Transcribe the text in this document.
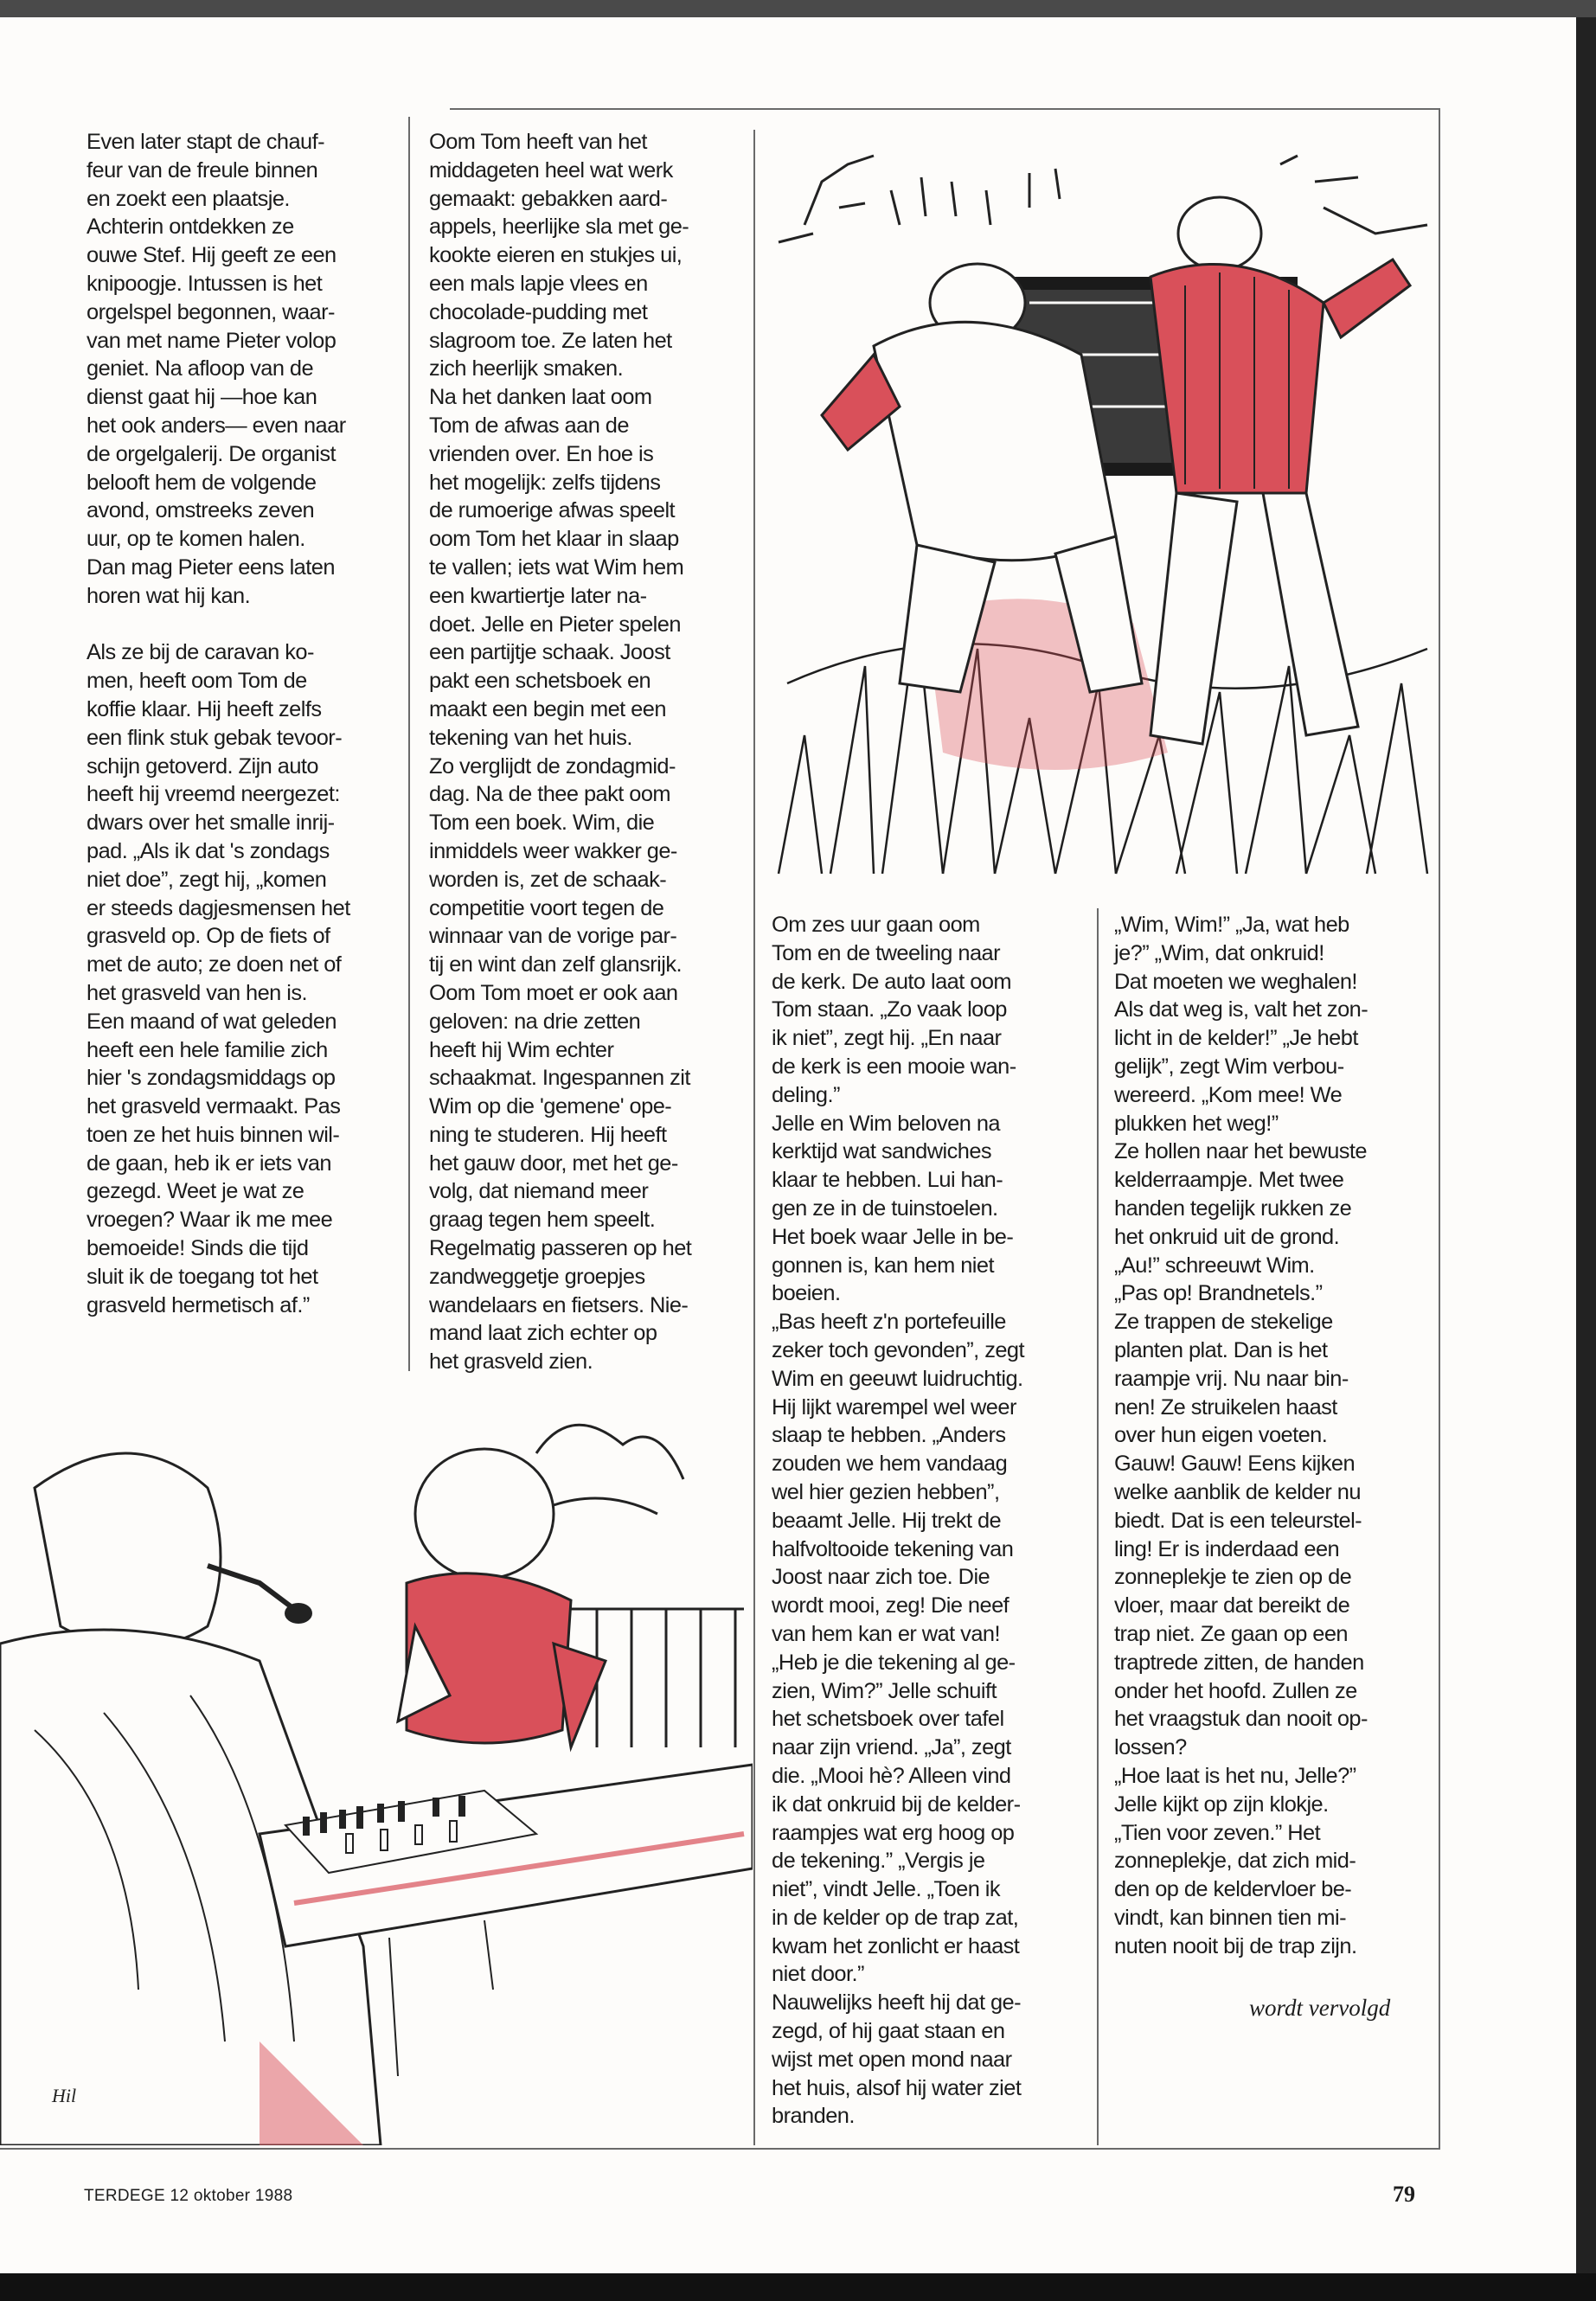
Even later stapt de chauf-
feur van de freule binnen
en zoekt een plaatsje.
Achterin ontdekken ze
ouwe Stef. Hij geeft ze een
knipoogje. Intussen is het
orgelspel begonnen, waar-
van met name Pieter volop
geniet. Na afloop van de
dienst gaat hij —hoe kan
het ook anders— even naar
de orgelgalerij. De organist
belooft hem de volgende
avond, omstreeks zeven
uur, op te komen halen.
Dan mag Pieter eens laten
horen wat hij kan.

Als ze bij de caravan ko-
men, heeft oom Tom de
koffie klaar. Hij heeft zelfs
een flink stuk gebak tevoor-
schijn getoverd. Zijn auto
heeft hij vreemd neergezet:
dwars over het smalle inrij-
pad. „Als ik dat 's zondags
niet doe”, zegt hij, „komen
er steeds dagjesmensen het
grasveld op. Op de fiets of
met de auto; ze doen net of
het grasveld van hen is.
Een maand of wat geleden
heeft een hele familie zich
hier 's zondagsmiddags op
het grasveld vermaakt. Pas
toen ze het huis binnen wil-
de gaan, heb ik er iets van
gezegd. Weet je wat ze
vroegen? Waar ik me mee
bemoeide! Sinds die tijd
sluit ik de toegang tot het
grasveld hermetisch af.”
Oom Tom heeft van het
middageten heel wat werk
gemaakt: gebakken aard-
appels, heerlijke sla met ge-
kookte eieren en stukjes ui,
een mals lapje vlees en
chocolade-pudding met
slagroom toe. Ze laten het
zich heerlijk smaken.
Na het danken laat oom
Tom de afwas aan de
vrienden over. En hoe is
het mogelijk: zelfs tijdens
de rumoerige afwas speelt
oom Tom het klaar in slaap
te vallen; iets wat Wim hem
een kwartiertje later na-
doet. Jelle en Pieter spelen
een partijtje schaak. Joost
pakt een schetsboek en
maakt een begin met een
tekening van het huis.
Zo verglijdt de zondagmid-
dag. Na de thee pakt oom
Tom een boek. Wim, die
inmiddels weer wakker ge-
worden is, zet de schaak-
competitie voort tegen de
winnaar van de vorige par-
tij en wint dan zelf glansrijk.
Oom Tom moet er ook aan
geloven: na drie zetten
heeft hij Wim echter
schaakmat. Ingespannen zit
Wim op die 'gemene' ope-
ning te studeren. Hij heeft
het gauw door, met het ge-
volg, dat niemand meer
graag tegen hem speelt.
Regelmatig passeren op het
zandweggetje groepjes
wandelaars en fietsers. Nie-
mand laat zich echter op
het grasveld zien.
Om zes uur gaan oom
Tom en de tweeling naar
de kerk. De auto laat oom
Tom staan. „Zo vaak loop
ik niet”, zegt hij. „En naar
de kerk is een mooie wan-
deling.”
Jelle en Wim beloven na
kerktijd wat sandwiches
klaar te hebben. Lui han-
gen ze in de tuinstoelen.
Het boek waar Jelle in be-
gonnen is, kan hem niet
boeien.
„Bas heeft z'n portefeuille
zeker toch gevonden”, zegt
Wim en geeuwt luidruchtig.
Hij lijkt warempel wel weer
slaap te hebben. „Anders
zouden we hem vandaag
wel hier gezien hebben”,
beaamt Jelle. Hij trekt de
halfvoltooide tekening van
Joost naar zich toe. Die
wordt mooi, zeg! Die neef
van hem kan er wat van!
„Heb je die tekening al ge-
zien, Wim?” Jelle schuift
het schetsboek over tafel
naar zijn vriend. „Ja”, zegt
die. „Mooi hè? Alleen vind
ik dat onkruid bij de kelder-
raampjes wat erg hoog op
de tekening.” „Vergis je
niet”, vindt Jelle. „Toen ik
in de kelder op de trap zat,
kwam het zonlicht er haast
niet door.”
Nauwelijks heeft hij dat ge-
zegd, of hij gaat staan en
wijst met open mond naar
het huis, alsof hij water ziet
branden.
„Wim, Wim!” „Ja, wat heb
je?” „Wim, dat onkruid!
Dat moeten we weghalen!
Als dat weg is, valt het zon-
licht in de kelder!” „Je hebt
gelijk”, zegt Wim verbou-
wereerd. „Kom mee! We
plukken het weg!”
Ze hollen naar het bewuste
kelderraampje. Met twee
handen tegelijk rukken ze
het onkruid uit de grond.
„Au!” schreeuwt Wim.
„Pas op! Brandnetels.”
Ze trappen de stekelige
planten plat. Dan is het
raampje vrij. Nu naar bin-
nen! Ze struikelen haast
over hun eigen voeten.
Gauw! Gauw! Eens kijken
welke aanblik de kelder nu
biedt. Dat is een teleurstel-
ling! Er is inderdaad een
zonneplekje te zien op de
vloer, maar dat bereikt de
trap niet. Ze gaan op een
traptrede zitten, de handen
onder het hoofd. Zullen ze
het vraagstuk dan nooit op-
lossen?
„Hoe laat is het nu, Jelle?”
Jelle kijkt op zijn klokje.
„Tien voor zeven.” Het
zonneplekje, dat zich mid-
den op de keldervloer be-
vindt, kan binnen tien mi-
nuten nooit bij de trap zijn.
wordt vervolgd
Hil
TERDEGE 12 oktober 1988	79
